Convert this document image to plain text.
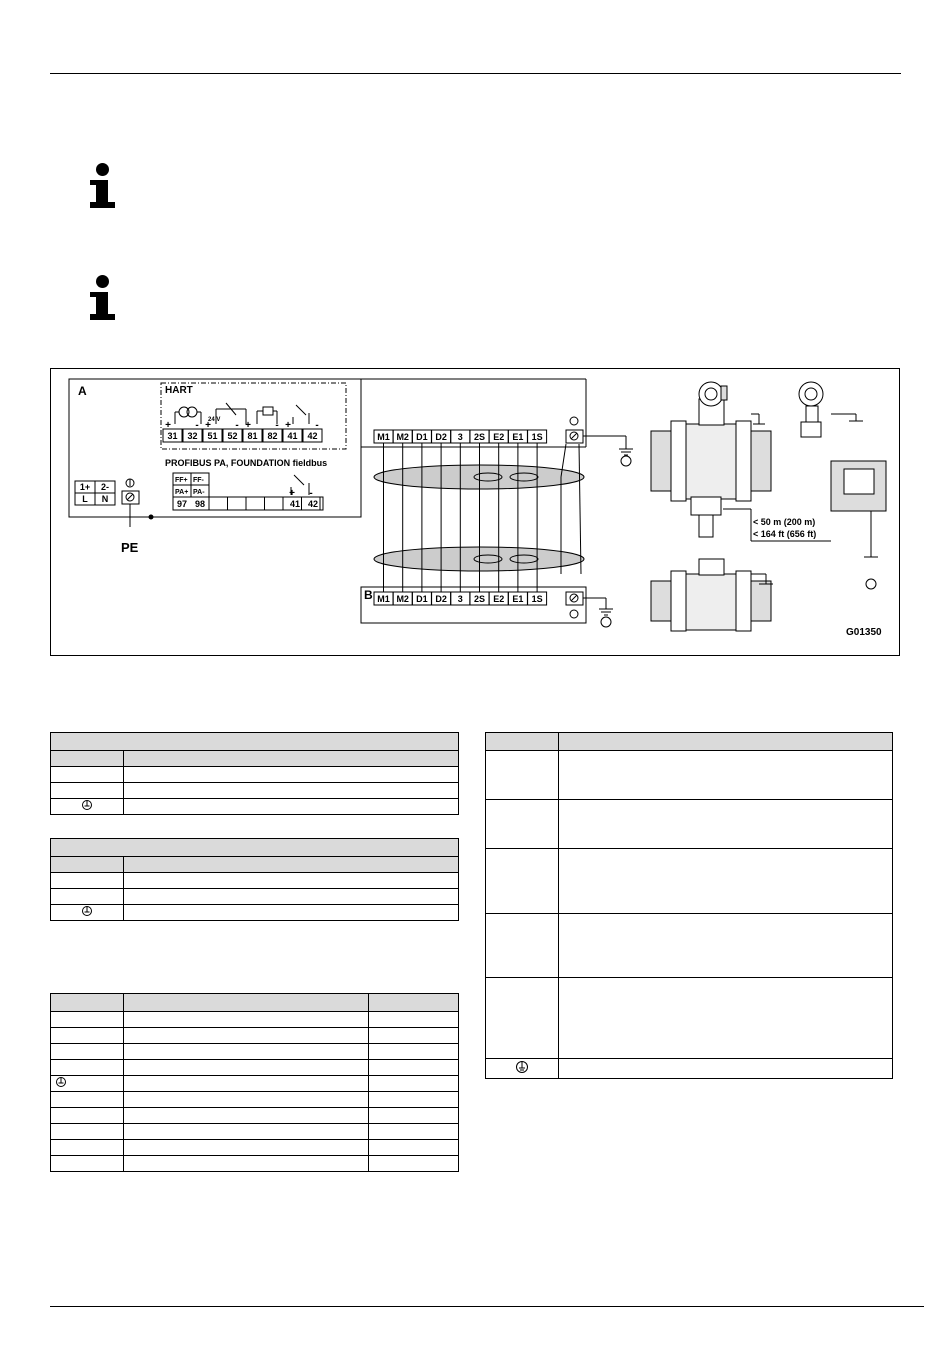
A	HART
24 V
+ - + - + - + -
31 32 51 52 81 82 41 42
PROFIBUS PA, FOUNDATION fieldbus
FF+ FF-
PA+ PA-
97 98	41 42
+ -
1+ 2-
L N
PE
M1 M2 D1 D2 3 2S E2 E1 1S
B M1 M2 D1 D2 3 2S E2 E1 1S
< 50 m (200 m)
< 164 ft (656 ft)
G01350
